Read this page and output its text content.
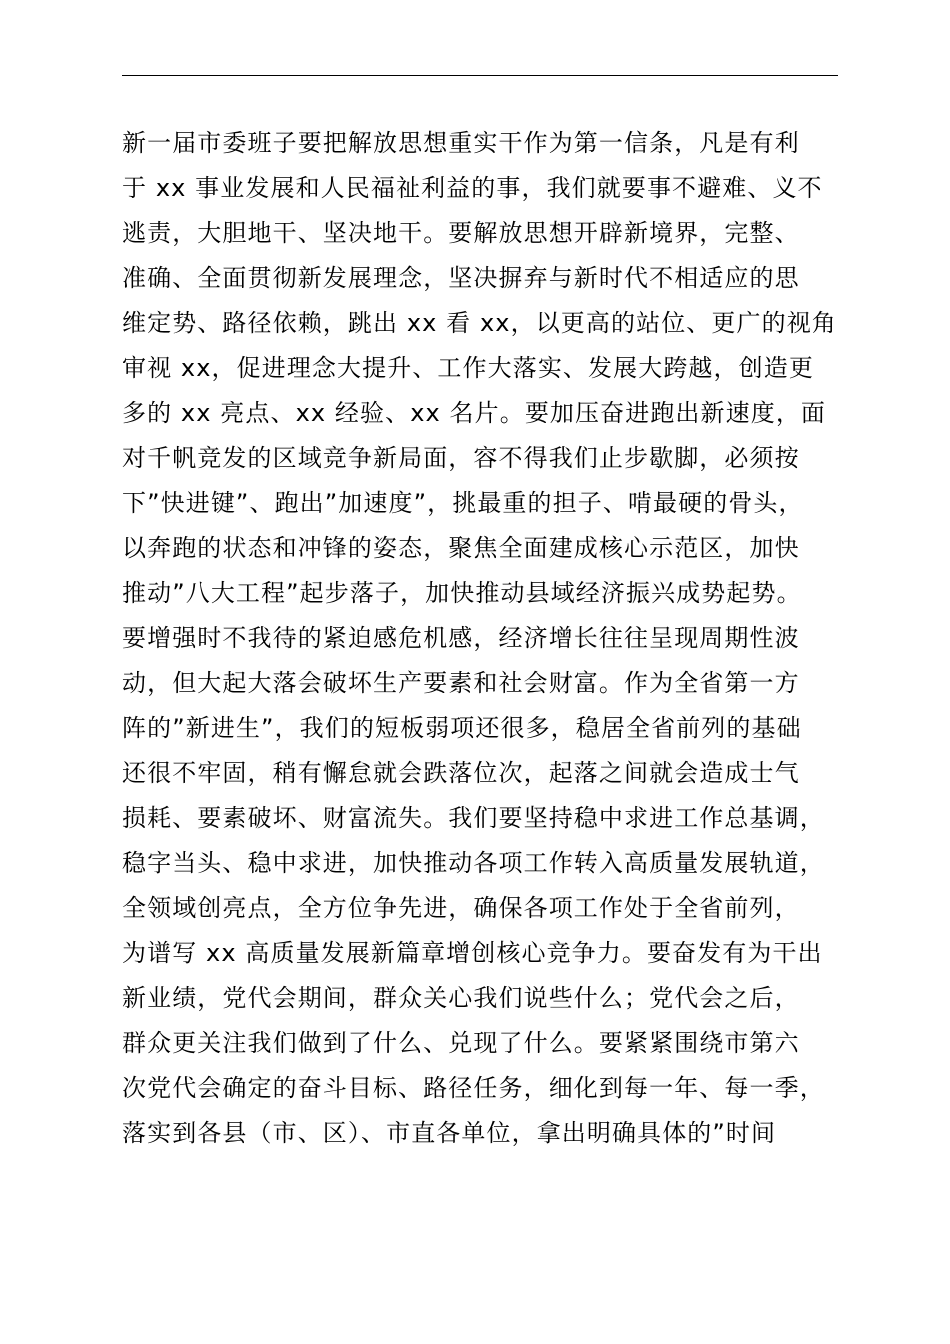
新一届市委班子要把解放思想重实干作为第一信条，凡是有利
于 xx 事业发展和人民福祉利益的事，我们就要事不避难、义不
逃责，大胆地干、坚决地干。要解放思想开辟新境界，完整、
准确、全面贯彻新发展理念，坚决摒弃与新时代不相适应的思
维定势、路径依赖，跳出 xx 看 xx，以更高的站位、更广的视角
审视 xx，促进理念大提升、工作大落实、发展大跨越，创造更
多的 xx 亮点、xx 经验、xx 名片。要加压奋进跑出新速度，面
对千帆竞发的区域竞争新局面，容不得我们止步歇脚，必须按
下”快进键”、跑出”加速度”，挑最重的担子、啃最硬的骨头，
以奔跑的状态和冲锋的姿态，聚焦全面建成核心示范区，加快
推动”八大工程”起步落子，加快推动县域经济振兴成势起势。
要增强时不我待的紧迫感危机感，经济增长往往呈现周期性波
动，但大起大落会破坏生产要素和社会财富。作为全省第一方
阵的”新进生”，我们的短板弱项还很多，稳居全省前列的基础
还很不牢固，稍有懈怠就会跌落位次，起落之间就会造成士气
损耗、要素破坏、财富流失。我们要坚持稳中求进工作总基调，
稳字当头、稳中求进，加快推动各项工作转入高质量发展轨道，
全领域创亮点，全方位争先进，确保各项工作处于全省前列，
为谱写 xx 高质量发展新篇章增创核心竞争力。要奋发有为干出
新业绩，党代会期间，群众关心我们说些什么；党代会之后，
群众更关注我们做到了什么、兑现了什么。要紧紧围绕市第六
次党代会确定的奋斗目标、路径任务，细化到每一年、每一季，
落实到各县（市、区）、市直各单位，拿出明确具体的”时间
